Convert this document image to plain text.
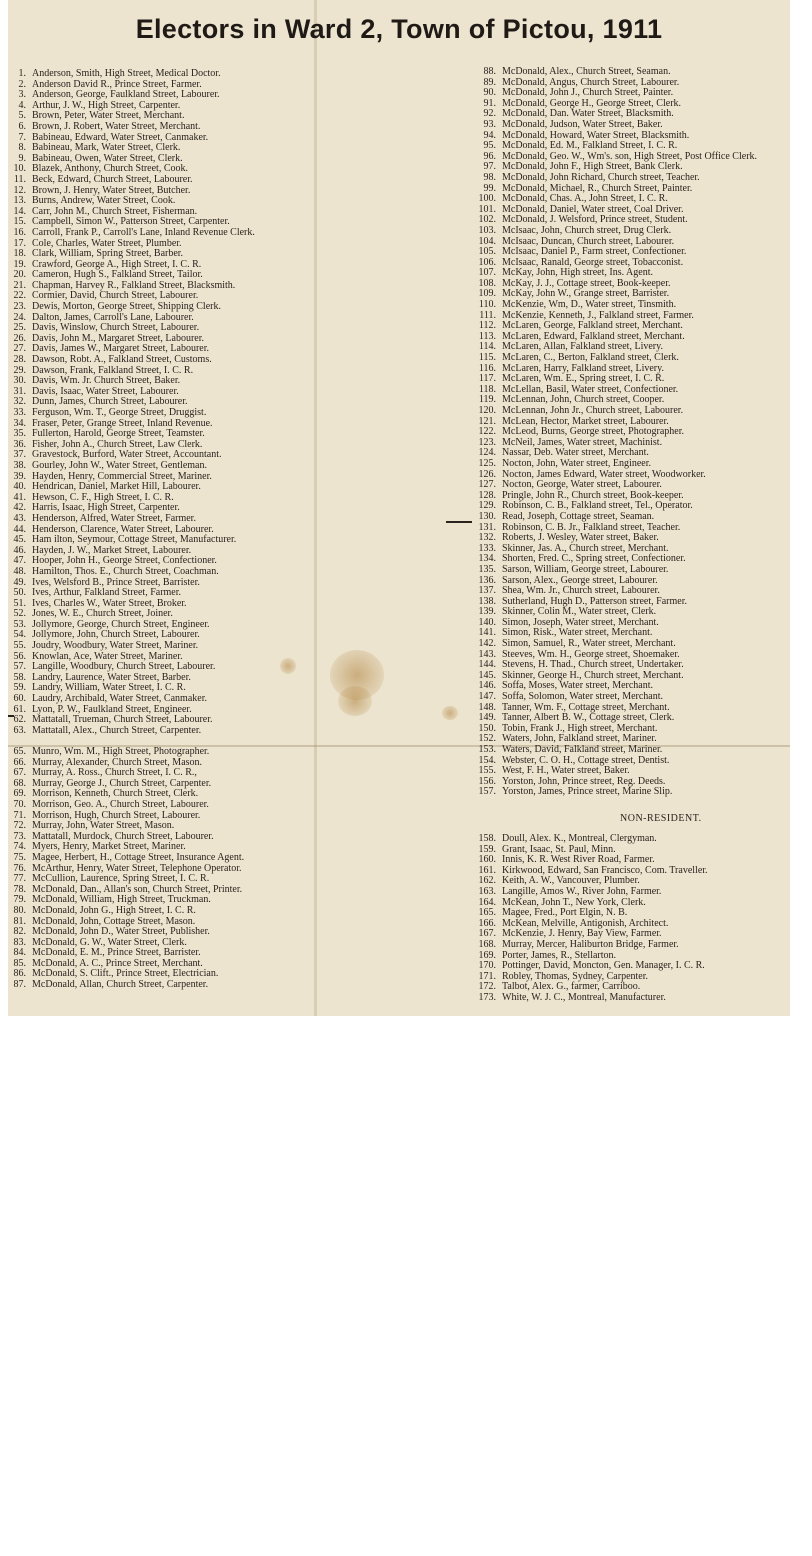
Electors in Ward 2, Town of Pictou, 1911
1. Anderson, Smith, High Street, Medical Doctor.
2. Anderson David R., Prince Street, Farmer.
3. Anderson, George, Faulkland Street, Labourer.
4. Arthur, J. W., High Street, Carpenter.
5. Brown, Peter, Water Street, Merchant.
6. Brown, J. Robert, Water Street, Merchant.
7. Babineau, Edward, Water Street, Canmaker.
8. Babineau, Mark, Water Street, Clerk.
9. Babineau, Owen, Water Street, Clerk.
10. Blazek, Anthony, Church Street, Cook.
11. Beck, Edward, Church Street, Labourer.
12. Brown, J. Henry, Water Street, Butcher.
13. Burns, Andrew, Water Street, Cook.
14. Carr, John M., Church Street, Fisherman.
15. Campbell, Simon W., Patterson Street, Carpenter.
16. Carroll, Frank P., Carroll's Lane, Inland Revenue Clerk.
17. Cole, Charles, Water Street, Plumber.
18. Clark, William, Spring Street, Barber.
19. Crawford, George A., High Street, I. C. R.
20. Cameron, Hugh S., Falkland Street, Tailor.
21. Chapman, Harvey R., Falkland Street, Blacksmith.
22. Cormier, David, Church Street, Labourer.
23. Dewis, Morton, George Street, Shipping Clerk.
24. Dalton, James, Carroll's Lane, Labourer.
25. Davis, Winslow, Church Street, Labourer.
26. Davis, John M., Margaret Street, Labourer.
27. Davis, James W., Margaret Street, Labourer.
28. Dawson, Robt. A., Falkland Street, Customs.
29. Dawson, Frank, Falkland Street, I. C. R.
30. Davis, Wm. Jr. Church Street, Baker.
31. Davis, Isaac, Water Street, Labourer.
32. Dunn, James, Church Street, Labourer.
33. Ferguson, Wm. T., George Street, Druggist.
34. Fraser, Peter, Grange Street, Inland Revenue.
35. Fullerton, Harold, George Street, Teamster.
36. Fisher, John A., Church Street, Law Clerk.
37. Gravestock, Burford, Water Street, Accountant.
38. Gourley, John W., Water Street, Gentleman.
39. Hayden, Henry, Commercial Street, Mariner.
40. Hendrican, Daniel, Market Hill, Labourer.
41. Hewson, C. F., High Street, I. C. R.
42. Harris, Isaac, High Street, Carpenter.
43. Henderson, Alfred, Water Street, Farmer.
44. Henderson, Clarence, Water Street, Labourer.
45. Ham ilton, Seymour, Cottage Street, Manufacturer.
46. Hayden, J. W., Market Street, Labourer.
47. Hooper, John H., George Street, Confectioner.
48. Hamilton, Thos. E., Church Street, Coachman.
49. Ives, Welsford B., Prince Street, Barrister.
50. Ives, Arthur, Falkland Street, Farmer.
51. Ives, Charles W., Water Street, Broker.
52. Jones, W. E., Church Street, Joiner.
53. Jollymore, George, Church Street, Engineer.
54. Jollymore, John, Church Street, Labourer.
55. Joudry, Woodbury, Water Street, Mariner.
56. Knowlan, Ace, Water Street, Mariner.
57. Langille, Woodbury, Church Street, Labourer.
58. Landry, Laurence, Water Street, Barber.
59. Landry, William, Water Street, I. C. R.
60. Laudry, Archibald, Water Street, Canmaker.
61. Lyon, P. W., Faulkland Street, Engineer.
62. Mattatall, Trueman, Church Street, Labourer.
63. Mattatall, Alex., Church Street, Carpenter.
65. Munro, Wm. M., High Street, Photographer.
66. Murray, Alexander, Church Street, Mason.
67. Murray, A. Ross., Church Street, I. C. R.,
68. Murray, George J., Church Street, Carpenter.
69. Morrison, Kenneth, Church Street, Clerk.
70. Morrison, Geo. A., Church Street, Labourer.
71. Morrison, Hugh, Church Street, Labourer.
72. Murray, John, Water Street, Mason.
73. Mattatall, Murdock, Church Street, Labourer.
74. Myers, Henry, Market Street, Mariner.
75. Magee, Herbert, H., Cottage Street, Insurance Agent.
76. McArthur, Henry, Water Street, Telephone Operator.
77. McCullion, Laurence, Spring Street, I. C. R.
78. McDonald, Dan., Allan's son, Church Street, Printer.
79. McDonald, William, High Street, Truckman.
80. McDonald, John G., High Street, I. C. R.
81. McDonald, John, Cottage Street, Mason.
82. McDonald, John D., Water Street, Publisher.
83. McDonald, G. W., Water Street, Clerk.
84. McDonald, E. M., Prince Street, Barrister.
85. McDonald, A. C., Prince Street, Merchant.
86. McDonald, S. Clift., Prince Street, Electrician.
87. McDonald, Allan, Church Street, Carpenter.
88. McDonald, Alex., Church Street, Seaman.
89. McDonald, Angus, Church Street, Labourer.
90. McDonald, John J., Church Street, Painter.
91. McDonald, George H., George Street, Clerk.
92. McDonald, Dan. Water Street, Blacksmith.
93. McDonald, Judson, Water Street, Baker.
94. McDonald, Howard, Water Street, Blacksmith.
95. McDonald, Ed. M., Falkland Street, I. C. R.
96. McDonald, Geo. W., Wm's. son, High Street, Post Office Clerk.
97. McDonald, John F., High Street, Bank Clerk.
98. McDonald, John Richard, Church street, Teacher.
99. McDonald, Michael, R., Church Street, Painter.
100. McDonald, Chas. A., John Street, I. C. R.
101. McDonald, Daniel, Water street, Coal Driver.
102. McDonald, J. Welsford, Prince street, Student.
103. McIsaac, John, Church street, Drug Clerk.
104. McIsaac, Duncan, Church street, Labourer.
105. McIsaac, Daniel P., Farm street, Confectioner.
106. McIsaac, Ranald, George street, Tobacconist.
107. McKay, John, High street, Ins. Agent.
108. McKay, J. J., Cottage street, Book-keeper.
109. McKay, John W., Grange street, Barrister.
110. McKenzie, Wm, D., Water street, Tinsmith.
111. McKenzie, Kenneth, J., Falkland street, Farmer.
112. McLaren, George, Falkland street, Merchant.
113. McLaren, Edward, Falkland street, Merchant.
114. McLaren, Allan, Falkland street, Livery.
115. McLaren, C., Berton, Falkland street, Clerk.
116. McLaren, Harry, Falkland street, Livery.
117. McLaren, Wm. E., Spring street, I. C. R.
118. McLellan, Basil, Water street, Confectioner.
119. McLennan, John, Church street, Cooper.
120. McLennan, John Jr., Church street, Labourer.
121. McLean, Hector, Market street, Labourer.
122. McLeod, Burns, George street, Photographer.
123. McNeil, James, Water street, Machinist.
124. Nassar, Deb. Water street, Merchant.
125. Nocton, John, Water street, Engineer.
126. Nocton, James Edward, Water street, Woodworker.
127. Nocton, George, Water street, Labourer.
128. Pringle, John R., Church street, Book-keeper.
129. Robinson, C. B., Falkland street, Tel., Operator.
130. Read, Joseph, Cottage street, Seaman.
131. Robinson, C. B. Jr., Falkland street, Teacher.
132. Roberts, J. Wesley, Water street, Baker.
133. Skinner, Jas. A., Church street, Merchant.
134. Shorten, Fred. C., Spring street, Confectioner.
135. Sarson, William, George street, Labourer.
136. Sarson, Alex., George street, Labourer.
137. Shea, Wm. Jr., Church street, Labourer.
138. Sutherland, Hugh D., Patterson street, Farmer.
139. Skinner, Colin M., Water street, Clerk.
140. Simon, Joseph, Water street, Merchant.
141. Simon, Risk., Water street, Merchant.
142. Simon, Samuel, R., Water street, Merchant.
143. Steeves, Wm. H., George street, Shoemaker.
144. Stevens, H. Thad., Church street, Undertaker.
145. Skinner, George H., Church street, Merchant.
146. Soffa, Moses, Water street, Merchant.
147. Soffa, Solomon, Water street, Merchant.
148. Tanner, Wm. F., Cottage street, Merchant.
149. Tanner, Albert B. W., Cottage street, Clerk.
150. Tobin, Frank J., High street, Merchant.
152. Waters, John, Falkland street, Mariner.
153. Waters, David, Falkland street, Mariner.
154. Webster, C. O. H., Cottage street, Dentist.
155. West, F. H., Water street, Baker.
156. Yorston, John, Prince street, Reg. Deeds.
157. Yorston, James, Prince street, Marine Slip.
NON-RESIDENT.
158. Doull, Alex. K., Montreal, Clergyman.
159. Grant, Isaac, St. Paul, Minn.
160. Innis, K. R. West River Road, Farmer.
161. Kirkwood, Edward, San Francisco, Com. Traveller.
162. Keith, A. W., Vancouver, Plumber.
163. Langille, Amos W., River John, Farmer.
164. McKean, John T., New York, Clerk.
165. Magee, Fred., Port Elgin, N. B.
166. McKean, Melville, Antigonish, Architect.
167. McKenzie, J. Henry, Bay View, Farmer.
168. Murray, Mercer, Haliburton Bridge, Farmer.
169. Porter, James, R., Stellarton.
170. Pottinger, David, Moncton, Gen. Manager, I. C. R.
171. Robley, Thomas, Sydney, Carpenter.
172. Talbot, Alex. G., farmer, Carriboo.
173. White, W. J. C., Montreal, Manufacturer.
